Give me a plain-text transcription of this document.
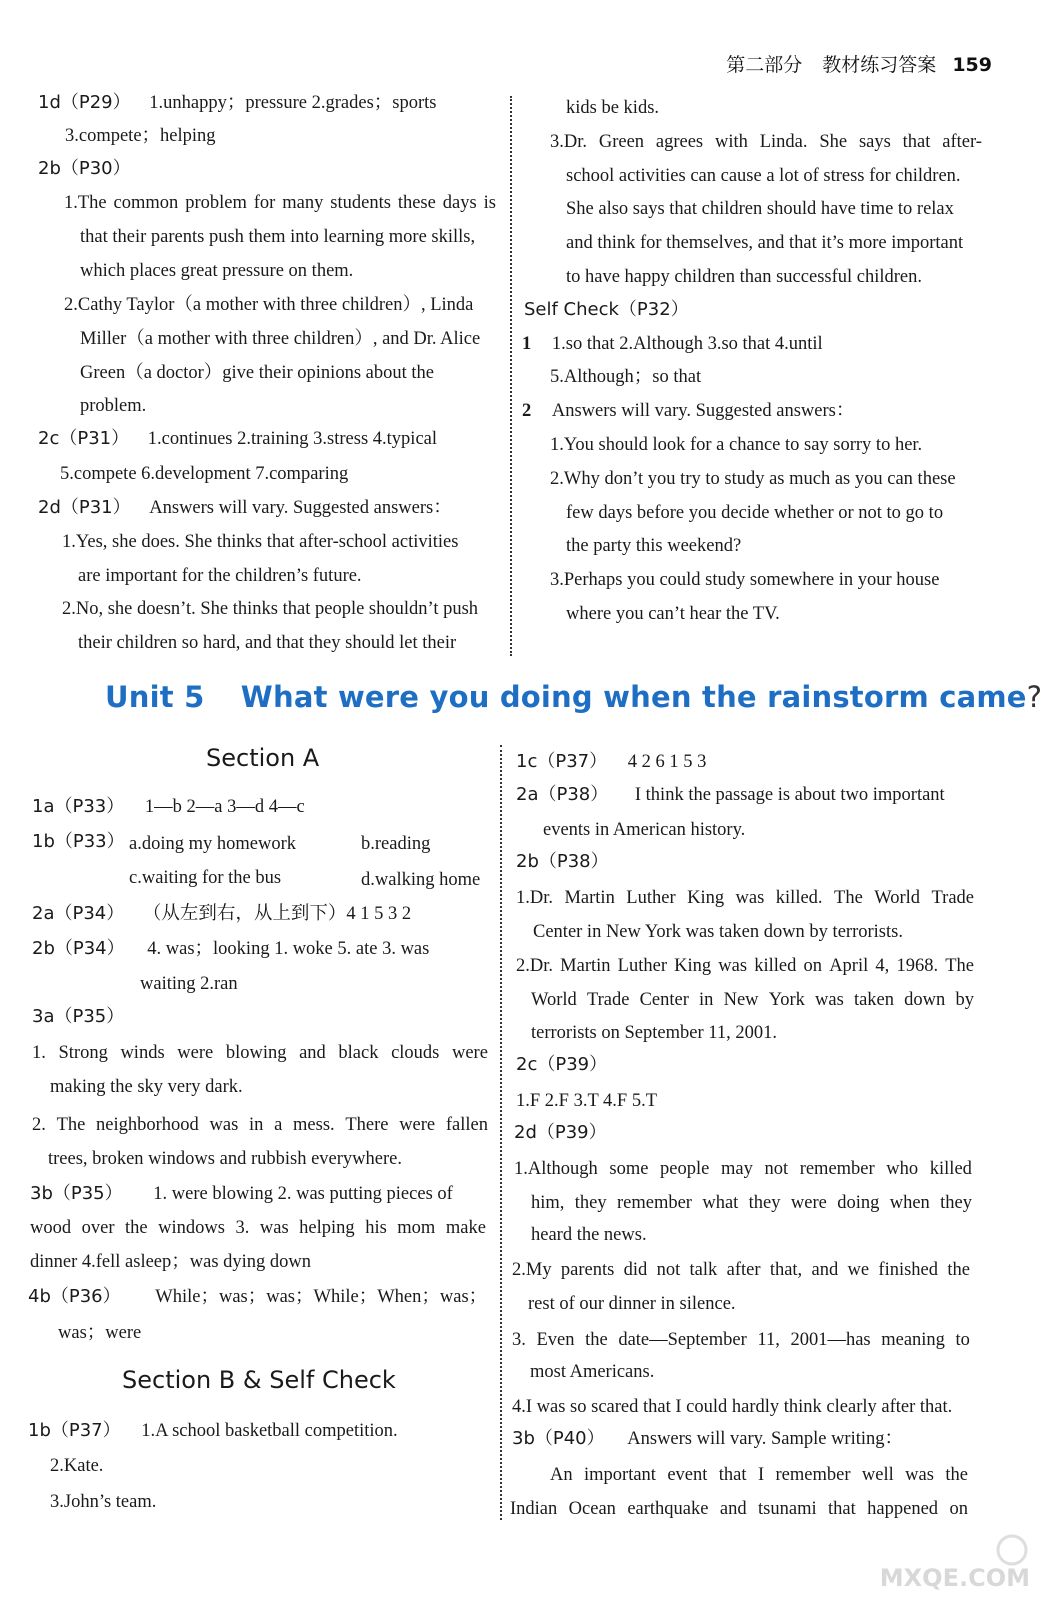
第二部分 教材练习答案 159
1d（P29） 1.unhappy；pressure 2.grades；sports
3.compete；helping
2b（P30）
1.The common problem for many students these days is
that their parents push them into learning more skills,
which places great pressure on them.
2.Cathy Taylor（a mother with three children）, Linda
Miller（a mother with three children）, and Dr. Alice
Green（a doctor）give their opinions about the
problem.
2c（P31） 1.continues 2.training 3.stress 4.typical
5.compete 6.development 7.comparing
2d（P31） Answers will vary. Suggested answers：
1.Yes, she does. She thinks that after-school activities
are important for the children’s future.
2.No, she doesn’t. She thinks that people shouldn’t push
their children so hard, and that they should let their
kids be kids.
3.Dr. Green agrees with Linda. She says that after-
school activities can cause a lot of stress for children.
She also says that children should have time to relax
and think for themselves, and that it’s more important
to have happy children than successful children.
Self Check（P32）
1 1.so that 2.Although 3.so that 4.until
5.Although；so that
2 Answers will vary. Suggested answers：
1.You should look for a chance to say sorry to her.
2.Why don’t you try to study as much as you can these
few days before you decide whether or not to go to
the party this weekend?
3.Perhaps you could study somewhere in your house
where you can’t hear the TV.
Unit 5 What were you doing when the rainstorm came?
Section A
1a（P33） 1—b 2—a 3—d 4—c
1b（P33） a.doing my homework	b.reading
c.waiting for the bus	d.walking home
2a（P34） （从左到右，从上到下）4 1 5 3 2
2b（P34） 4. was；looking 1. woke 5. ate 3. was
waiting 2.ran
3a（P35）
1. Strong winds were blowing and black clouds were
making the sky very dark.
2. The neighborhood was in a mess. There were fallen
trees, broken windows and rubbish everywhere.
3b（P35） 1. were blowing 2. was putting pieces of
wood over the windows 3. was helping his mom make
dinner 4.fell asleep；was dying down
4b（P36） While；was；was；While；When；was；
was；were
Section B & Self Check
1b（P37） 1.A school basketball competition.
2.Kate.
3.John’s team.
1c（P37） 4 2 6 1 5 3
2a（P38） I think the passage is about two important
events in American history.
2b（P38）
1.Dr. Martin Luther King was killed. The World Trade
Center in New York was taken down by terrorists.
2.Dr. Martin Luther King was killed on April 4, 1968. The
World Trade Center in New York was taken down by
terrorists on September 11, 2001.
2c（P39）
1.F 2.F 3.T 4.F 5.T
2d（P39）
1.Although some people may not remember who killed
him, they remember what they were doing when they
heard the news.
2.My parents did not talk after that, and we finished the
rest of our dinner in silence.
3. Even the date—September 11, 2001—has meaning to
most Americans.
4.I was so scared that I could hardly think clearly after that.
3b（P40） Answers will vary. Sample writing：
An important event that I remember well was the
Indian Ocean earthquake and tsunami that happened on
MXQE.COM
